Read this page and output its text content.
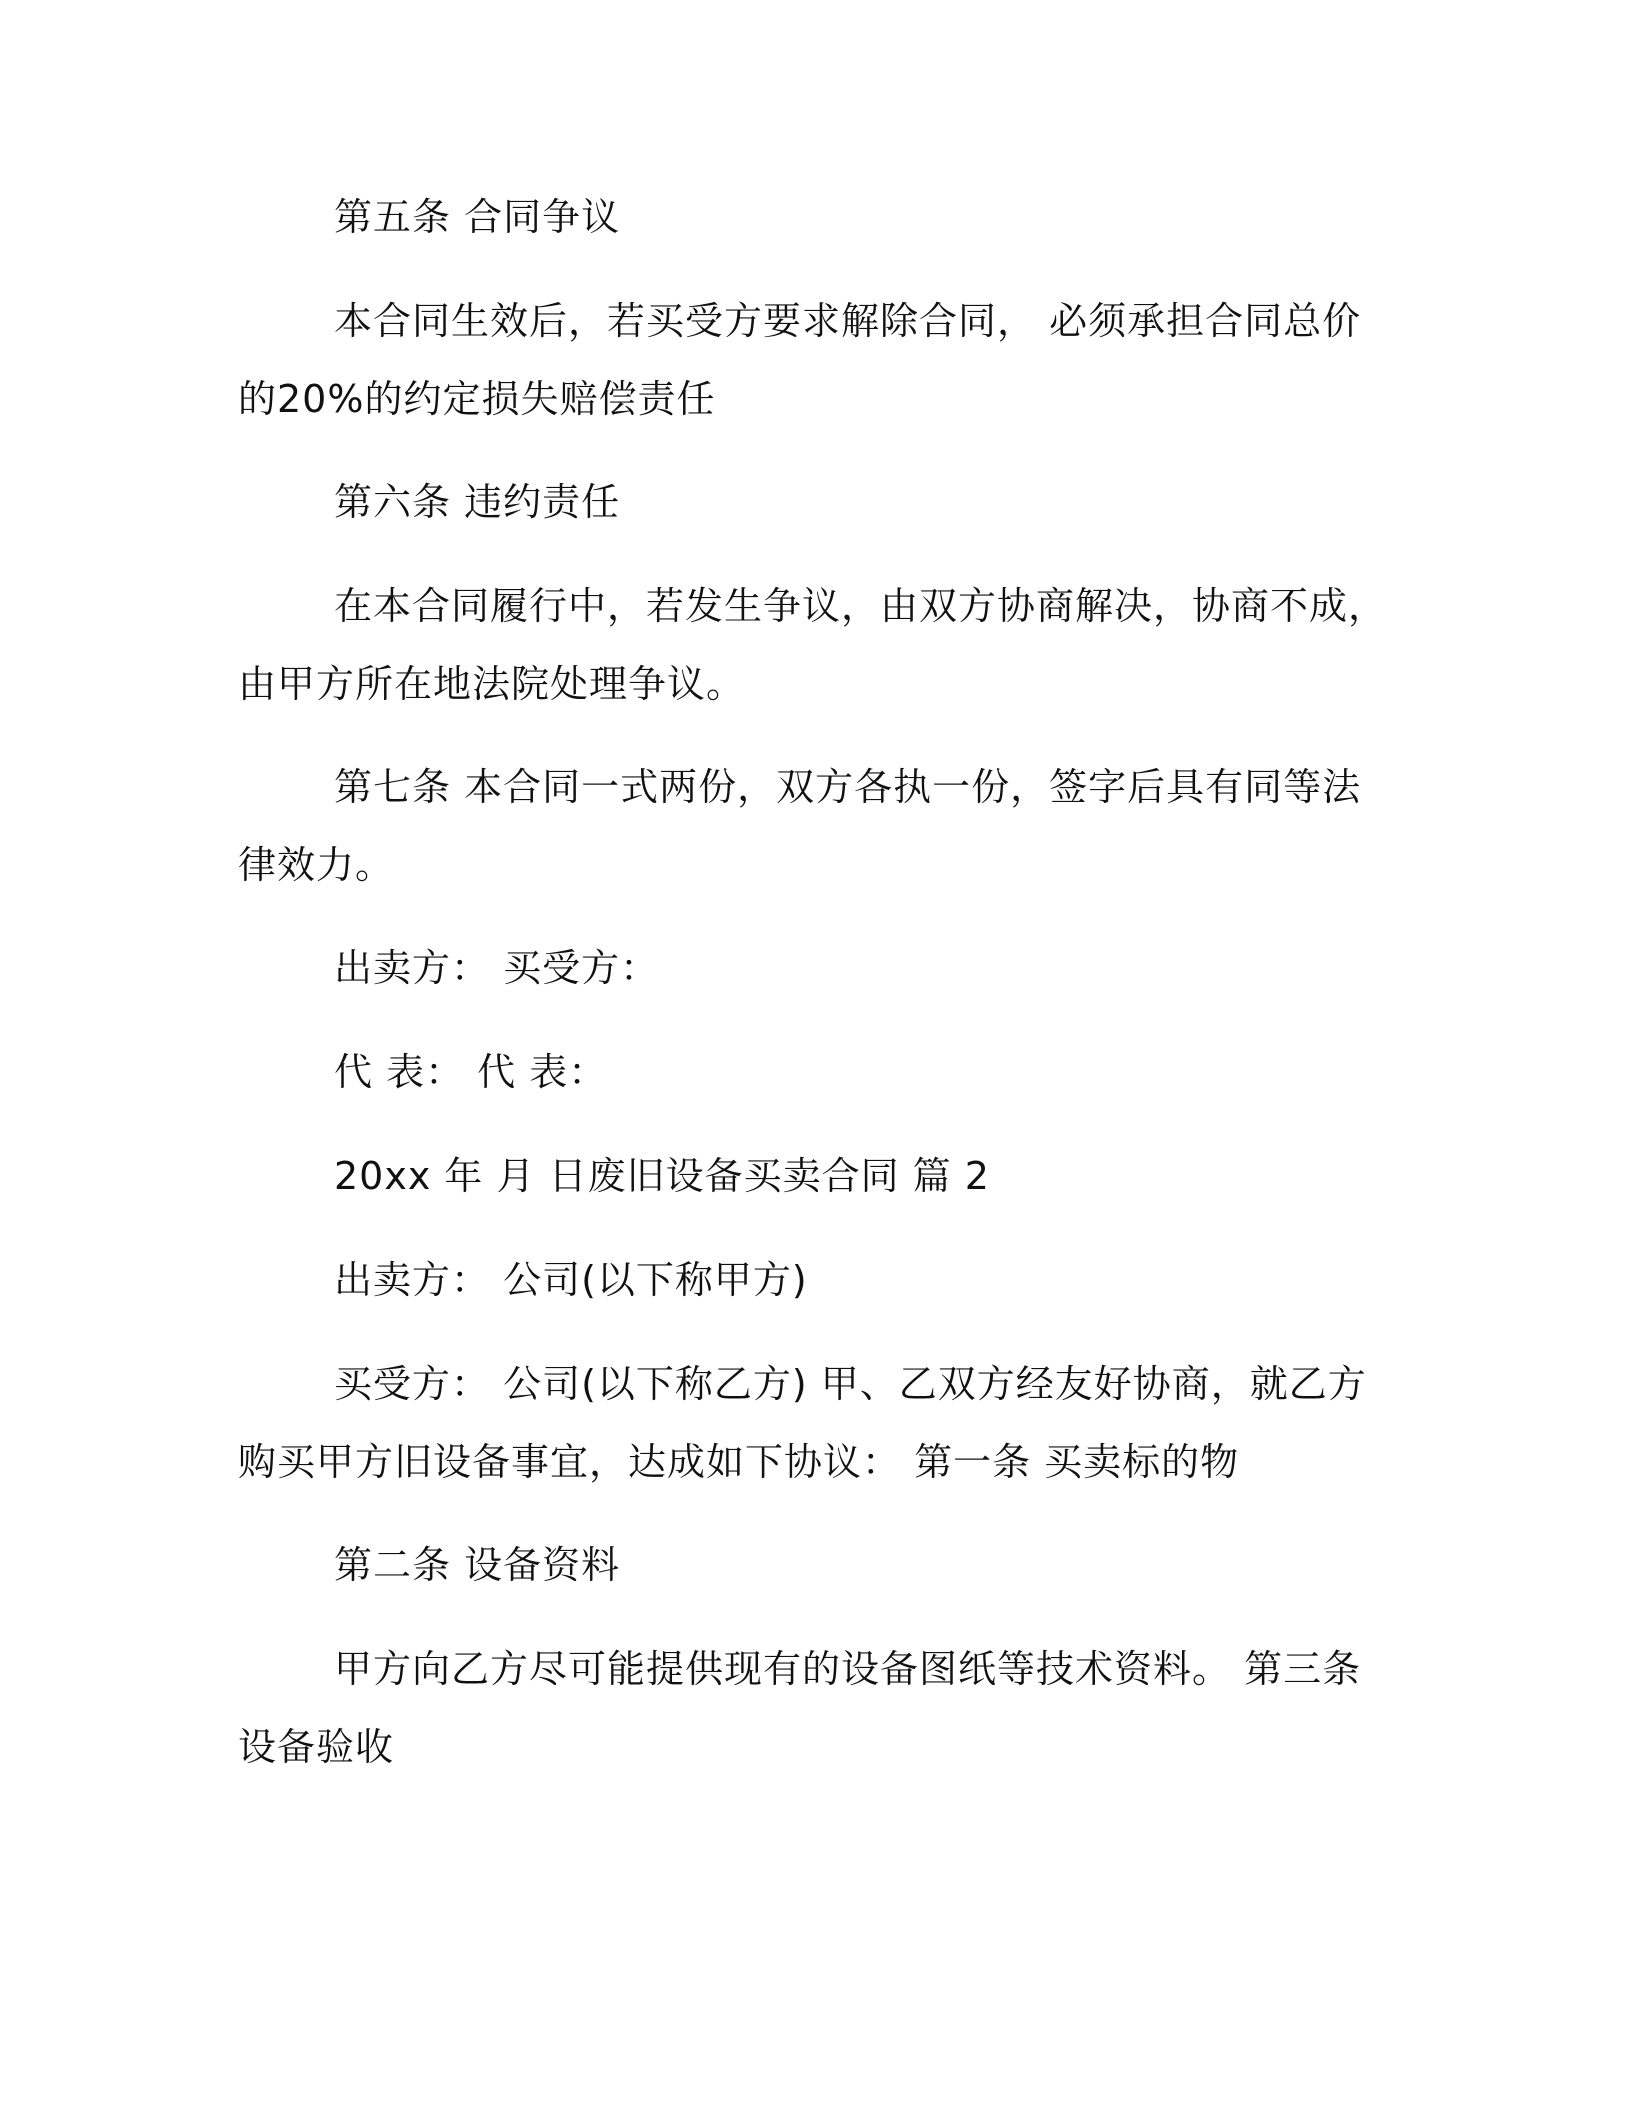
第五条 合同争议

本合同生效后，若买受方要求解除合同， 必须承担合同总价的20%的约定损失赔偿责任

第六条 违约责任

在本合同履行中，若发生争议，由双方协商解决，协商不成，由甲方所在地法院处理争议。

第七条 本合同一式两份，双方各执一份，签字后具有同等法律效力。

出卖方： 买受方：

代 表： 代 表：

20xx 年 月 日废旧设备买卖合同 篇 2

出卖方： 公司(以下称甲方)

买受方： 公司(以下称乙方) 甲、乙双方经友好协商，就乙方购买甲方旧设备事宜，达成如下协议： 第一条 买卖标的物

第二条 设备资料

甲方向乙方尽可能提供现有的设备图纸等技术资料。 第三条 设备验收
